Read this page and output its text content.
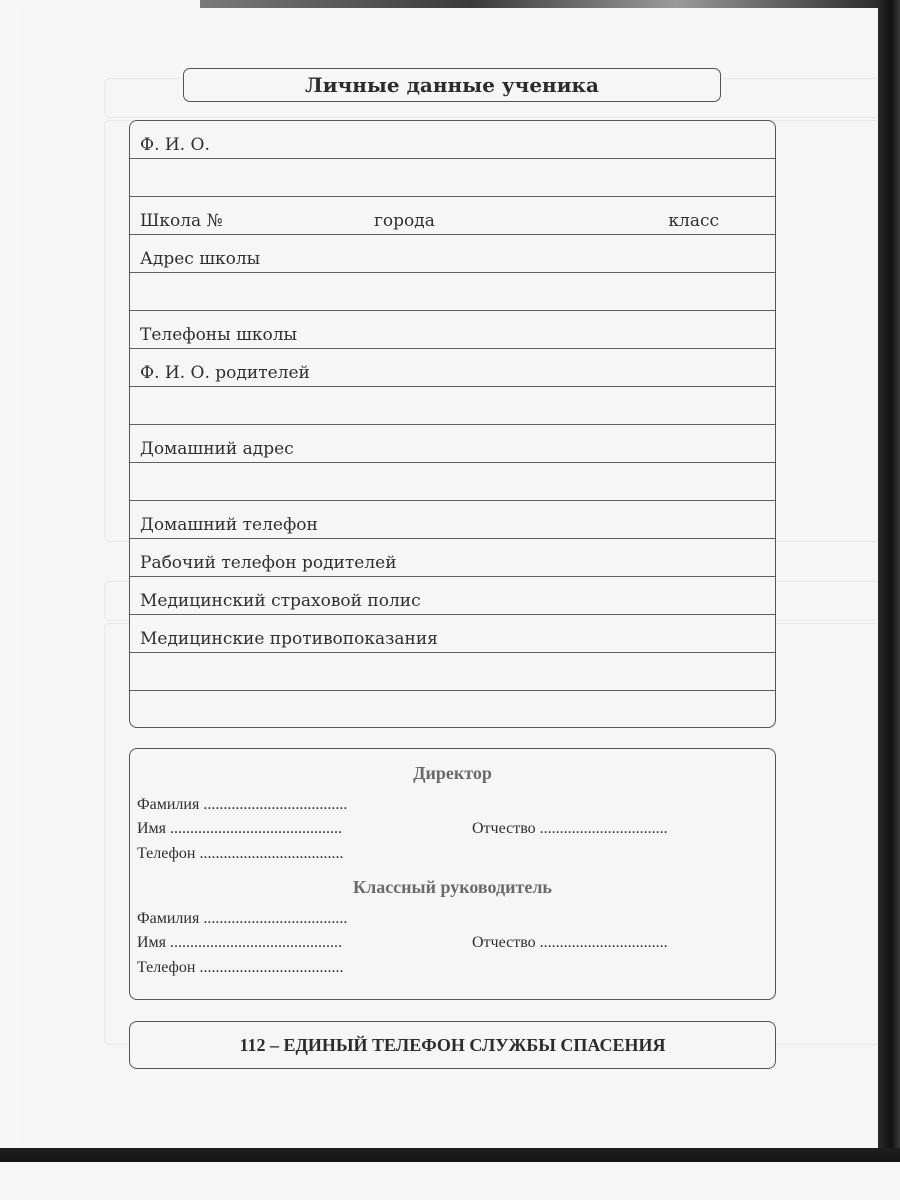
Личные данные ученика
Ф. И. О.
Школа №	города	класс
Адрес школы
Телефоны школы
Ф. И. О. родителей
Домашний адрес
Домашний телефон
Рабочий телефон родителей
Медицинский страховой полис
Медицинские противопоказания
Директор
Фамилия ....................................
Имя ...........................................	Отчество ................................
Телефон ....................................
Классный руководитель
Фамилия ....................................
Имя ...........................................	Отчество ................................
Телефон ....................................
112 – ЕДИНЫЙ ТЕЛЕФОН СЛУЖБЫ СПАСЕНИЯ
